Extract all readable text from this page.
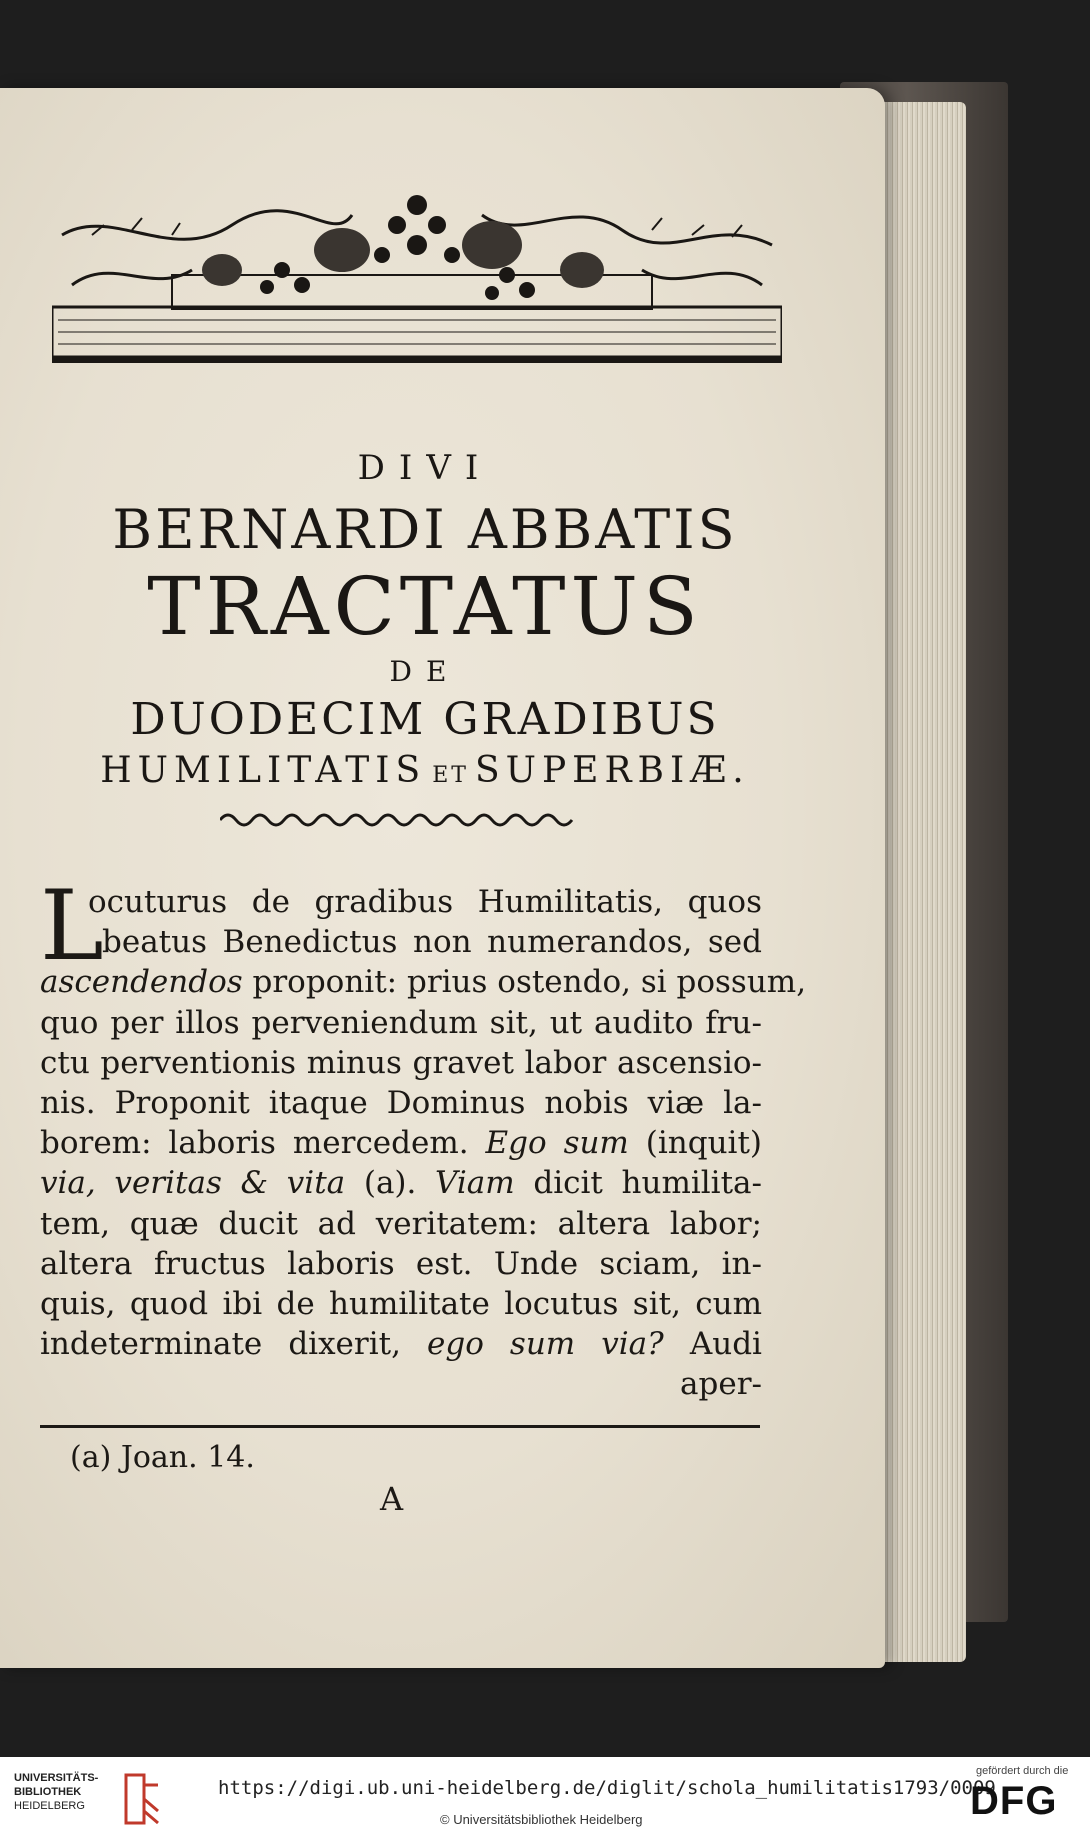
DIVI
BERNARDI ABBATIS
TRACTATUS
DE
DUODECIM GRADIBUS
HUMILITATIS ET SUPERBIÆ.
L
ocuturus de gradibus Humilitatis, quos
beatus Benedictus non numerandos, sed
ascendendos proponit: prius ostendo, si possum,
quo per illos perveniendum sit, ut audito fru-
ctu perventionis minus gravet labor ascensio-
nis. Proponit itaque Dominus nobis viæ la-
borem: laboris mercedem. Ego sum (inquit)
via, veritas & vita (a). Viam dicit humilita-
tem, quæ ducit ad veritatem: altera labor;
altera fructus laboris est. Unde sciam, in-
quis, quod ibi de humilitate locutus sit, cum
indeterminate dixerit, ego sum via? Audi
aper-
(a) Joan. 14.
A
UNIVERSITÄTS-
BIBLIOTHEK
HEIDELBERG
https://digi.ub.uni-heidelberg.de/diglit/schola_humilitatis1793/0009
© Universitätsbibliothek Heidelberg
gefördert durch die
DFG
